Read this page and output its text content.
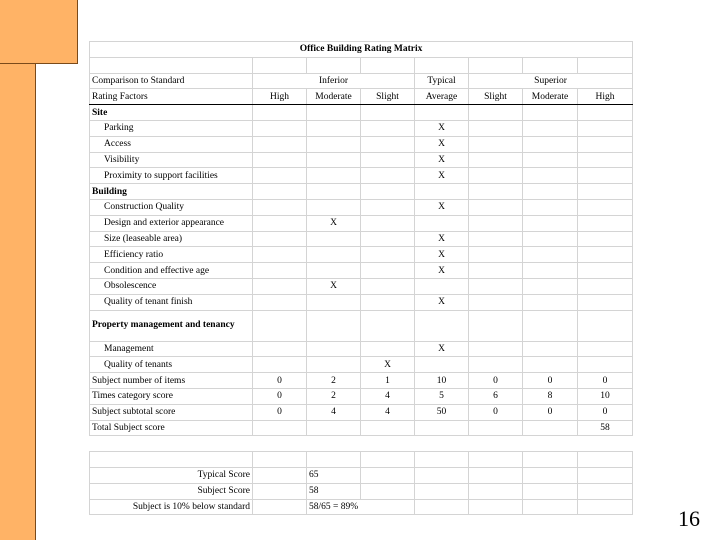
Office Building Rating Matrix							

Comparison to Standard	Inferior			Typical	Superior		
Rating Factors	High	Moderate	Slight	Average	Slight	Moderate	High
Site							
Parking				X			
Access				X			
Visibility				X			
Proximity to support facilities				X			
Building							
Construction Quality				X			
Design and exterior appearance		X					
Size (leaseable area)				X			
Efficiency ratio				X			
Condition and effective age				X			
Obsolescence		X					
Quality of tenant finish				X			
Property management and tenancy							
Management				X			
Quality of tenants			X				
Subject number of items	0	2	1	10	0	0	0
Times category score	0	2	4	5	6	8	10
Subject subtotal score	0	4	4	50	0	0	0
Total Subject score							58

Typical Score		65					
Subject Score		58					
Subject is 10% below standard		58/65 = 89%						16
